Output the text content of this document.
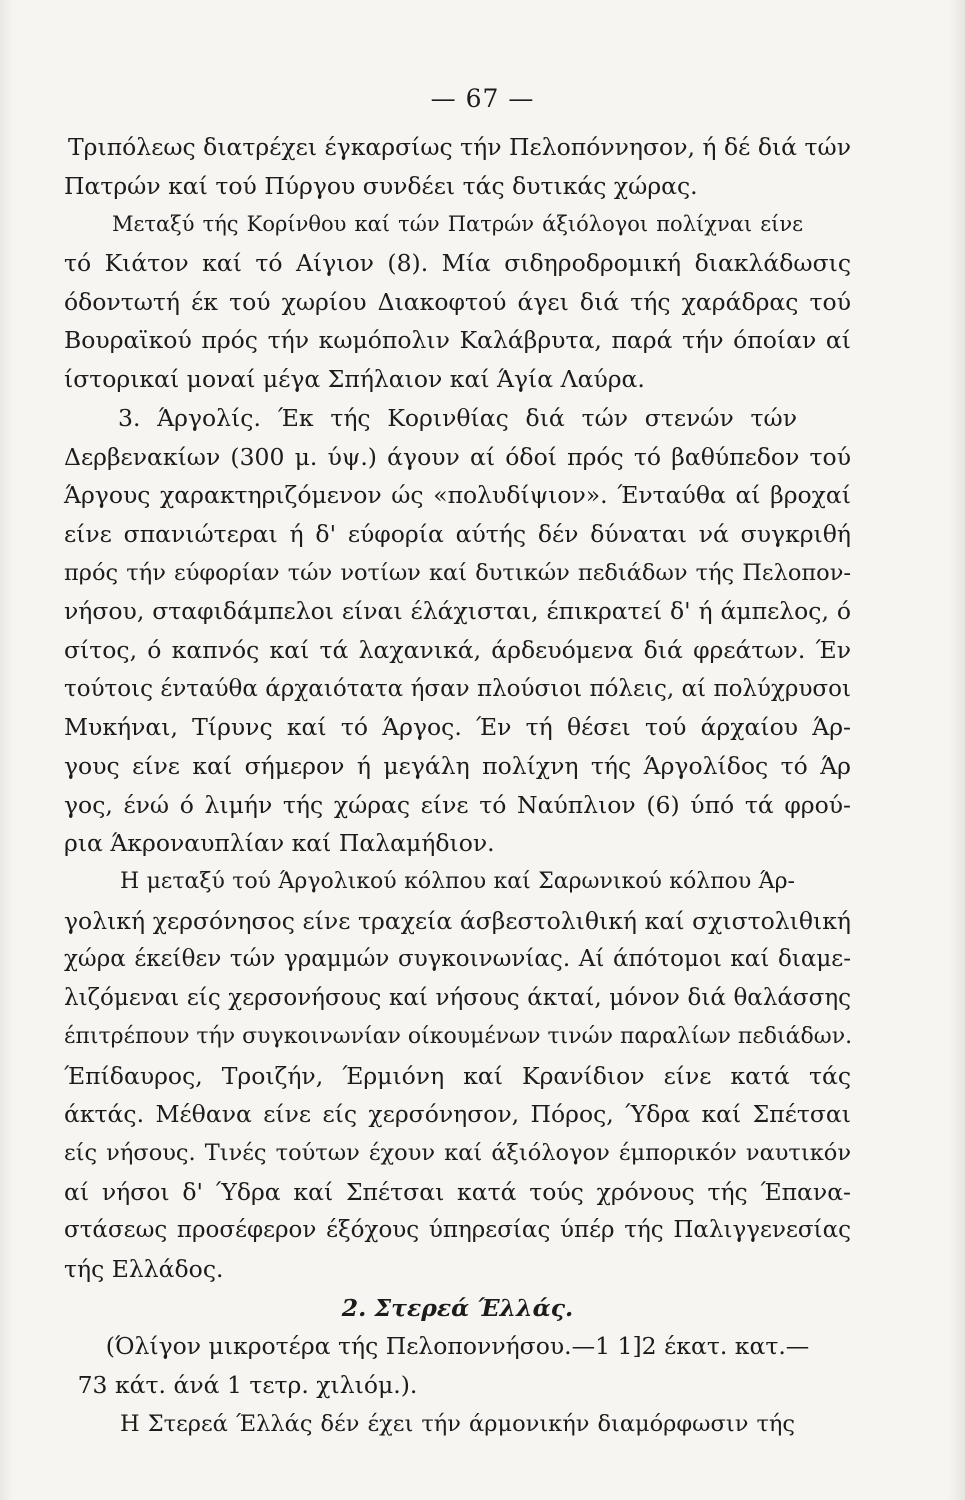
— 67 —
Τριπόλεως διατρέχει έγκαρσίως τήν Πελοπόννησον, ή δέ διά τών
Πατρών καί τού Πύργου συνδέει τάς δυτικάς χώρας.
Μεταξύ τής Κορίνθου καί τών Πατρών άξιόλογοι πολίχναι είνε
τό Κιάτον καί τό Αίγιον (8). Μία σιδηροδρομική διακλάδωσις
όδοντωτή έκ τού χωρίου Διακοφτού άγει διά τής χαράδρας τού
Βουραϊκού πρός τήν κωμόπολιν Καλάβρυτα, παρά τήν όποίαν αί
ίστορικαί μοναί μέγα Σπήλαιον καί Άγία Λαύρα.
3. Άργολίς. Έκ τής Κορινθίας διά τών στενών τών
Δερβενακίων (300 μ. ύψ.) άγουν αί όδοί πρός τό βαθύπεδον τού
Άργους χαρακτηριζόμενον ώς «πολυδίψιον». Ένταύθα αί βροχαί
είνε σπανιώτεραι ή δ' εύφορία αύτής δέν δύναται νά συγκριθή
πρός τήν εύφορίαν τών νοτίων καί δυτικών πεδιάδων τής Πελοπον-
νήσου, σταφιδάμπελοι είναι έλάχισται, έπικρατεί δ' ή άμπελος, ό
σίτος, ό καπνός καί τά λαχανικά, άρδευόμενα διά φρεάτων. Έν
τούτοις ένταύθα άρχαιότατα ήσαν πλούσιοι πόλεις, αί πολύχρυσοι
Μυκήναι, Τίρυνς καί τό Άργος. Έν τή θέσει τού άρχαίου Άρ-
γους είνε καί σήμερον ή μεγάλη πολίχνη τής Άργολίδος τό Άρ
γος, ένώ ό λιμήν τής χώρας είνε τό Ναύπλιον (6) ύπό τά φρού-
ρια Άκροναυπλίαν καί Παλαμήδιον.
Η μεταξύ τού Άργολικού κόλπου καί Σαρωνικού κόλπου Άρ-
γολική χερσόνησος είνε τραχεία άσβεστολιθική καί σχιστολιθική
χώρα έκείθεν τών γραμμών συγκοινωνίας. Αί άπότομοι καί διαμε-
λιζόμεναι είς χερσονήσους καί νήσους άκταί, μόνον διά θαλάσσης
έπιτρέπουν τήν συγκοινωνίαν οίκουμένων τινών παραλίων πεδιάδων.
Έπίδαυρος, Τροιζήν, Έρμιόνη καί Κρανίδιον είνε κατά τάς
άκτάς. Μέθανα είνε είς χερσόνησον, Πόρος, Ύδρα καί Σπέτσαι
είς νήσους. Τινές τούτων έχουν καί άξιόλογον έμπορικόν ναυτικόν
αί νήσοι δ' Ύδρα καί Σπέτσαι κατά τούς χρόνους τής Έπανα-
στάσεως προσέφερον έξόχους ύπηρεσίας ύπέρ τής Παλιγγενεσίας
τής Ελλάδος.
2. Στερεά Έλλάς.
(Όλίγον μικροτέρα τής Πελοποννήσου.—1 1]2 έκατ. κατ.—
73 κάτ. άνά 1 τετρ. χιλιόμ.).
Η Στερεά Έλλάς δέν έχει τήν άρμονικήν διαμόρφωσιν τής
